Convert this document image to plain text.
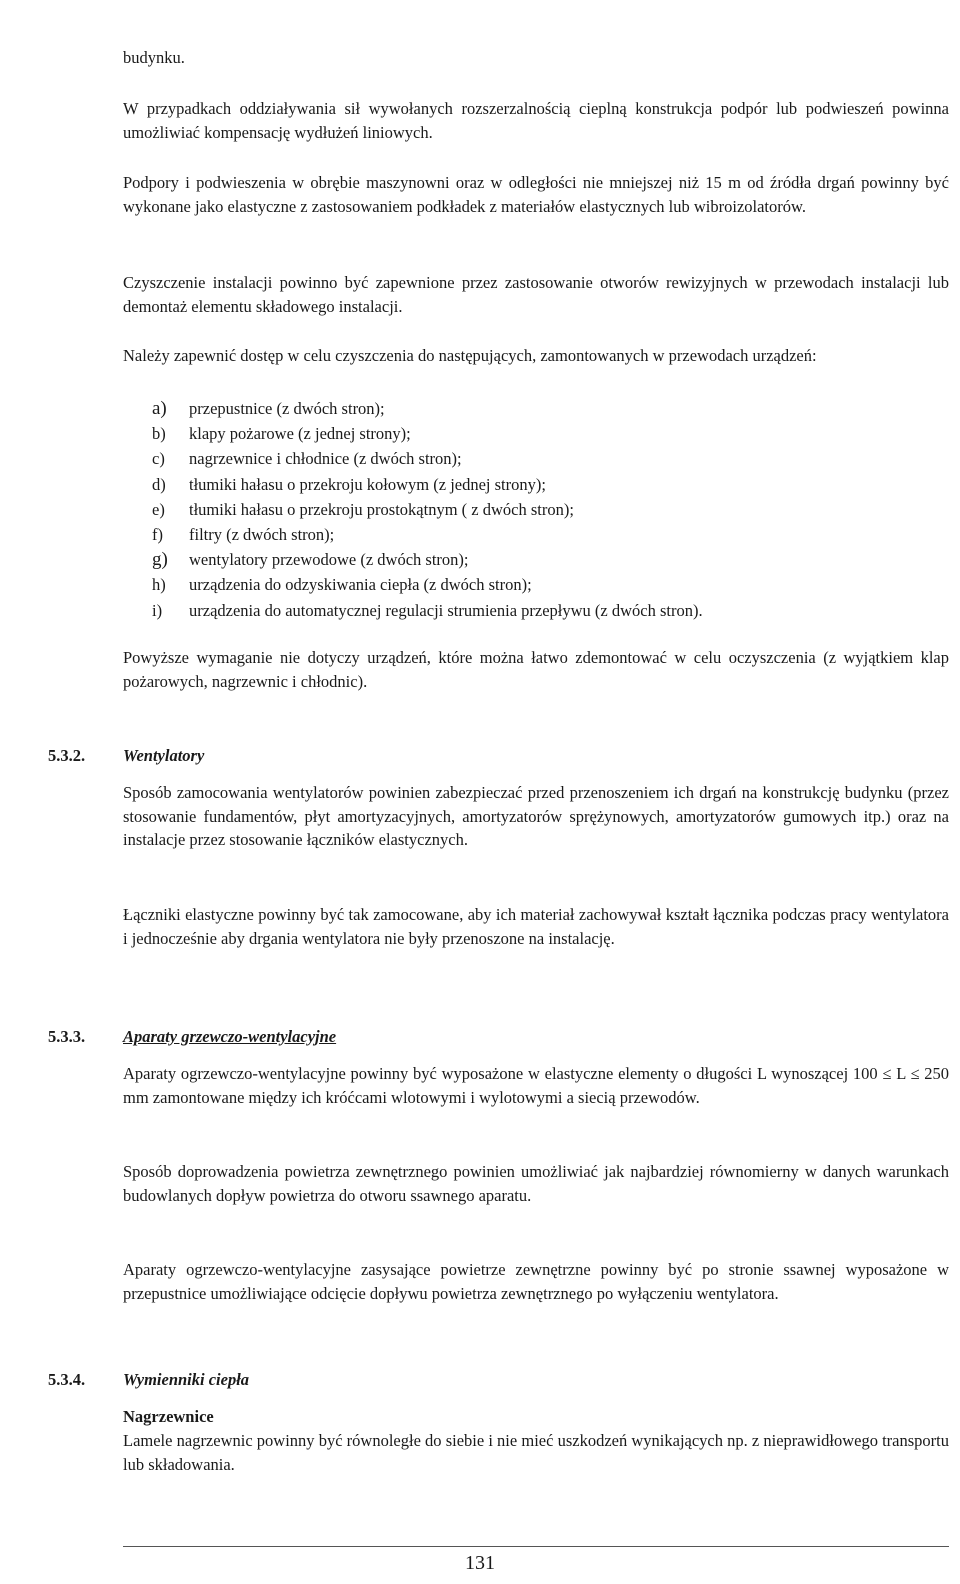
budynku.

W przypadkach oddziaływania sił wywołanych rozszerzalnością cieplną konstrukcja podpór lub podwieszeń powinna umożliwiać kompensację wydłużeń liniowych.

Podpory i podwieszenia w obrębie maszynowni oraz w odległości nie mniejszej niż 15 m od źródła drgań powinny być wykonane jako elastyczne z zastosowaniem podkładek z materiałów elastycznych lub wibroizolatorów.

Czyszczenie instalacji powinno być zapewnione przez zastosowanie otworów rewizyjnych w przewodach instalacji lub demontaż elementu składowego instalacji.

Należy zapewnić dostęp w celu czyszczenia do następujących, zamontowanych w przewodach urządzeń:

a)	przepustnice (z dwóch stron);
b)	klapy pożarowe (z jednej strony);
c)	nagrzewnice i chłodnice (z dwóch stron);
d)	tłumiki hałasu o przekroju kołowym (z jednej strony);
e)	tłumiki hałasu o przekroju prostokątnym ( z dwóch stron);
f)	filtry (z dwóch stron);
g)	wentylatory przewodowe (z dwóch stron);
h)	urządzenia do odzyskiwania ciepła (z dwóch stron);
i)	urządzenia do automatycznej regulacji strumienia przepływu (z dwóch stron).

Powyższe wymaganie nie dotyczy urządzeń, które można łatwo zdemontować w celu oczyszczenia (z wyjątkiem klap pożarowych, nagrzewnic i chłodnic).

5.3.2. Wentylatory

Sposób zamocowania wentylatorów powinien zabezpieczać przed przenoszeniem ich drgań na konstrukcję budynku (przez stosowanie fundamentów, płyt amortyzacyjnych, amortyzatorów sprężynowych, amortyzatorów gumowych itp.) oraz na instalacje przez stosowanie łączników elastycznych.

Łączniki elastyczne powinny być tak zamocowane, aby ich materiał zachowywał kształt łącznika podczas pracy wentylatora i jednocześnie aby drgania wentylatora nie były przenoszone na instalację.

5.3.3. Aparaty grzewczo-wentylacyjne

Aparaty ogrzewczo-wentylacyjne powinny być wyposażone w elastyczne elementy o długości L wynoszącej 100 ≤ L ≤ 250 mm zamontowane między ich króćcami wlotowymi i wylotowymi a siecią przewodów.

Sposób doprowadzenia powietrza zewnętrznego powinien umożliwiać jak najbardziej równomierny w danych warunkach budowlanych dopływ powietrza do otworu ssawnego aparatu.

Aparaty ogrzewczo-wentylacyjne zasysające powietrze zewnętrzne powinny być po stronie ssawnej wyposażone w przepustnice umożliwiające odcięcie dopływu powietrza zewnętrznego po wyłączeniu wentylatora.

5.3.4. Wymienniki ciepła
Nagrzewnice

Lamele nagrzewnic powinny być równoległe do siebie i nie mieć uszkodzeń wynikających np. z nieprawidłowego transportu lub składowania.

131
